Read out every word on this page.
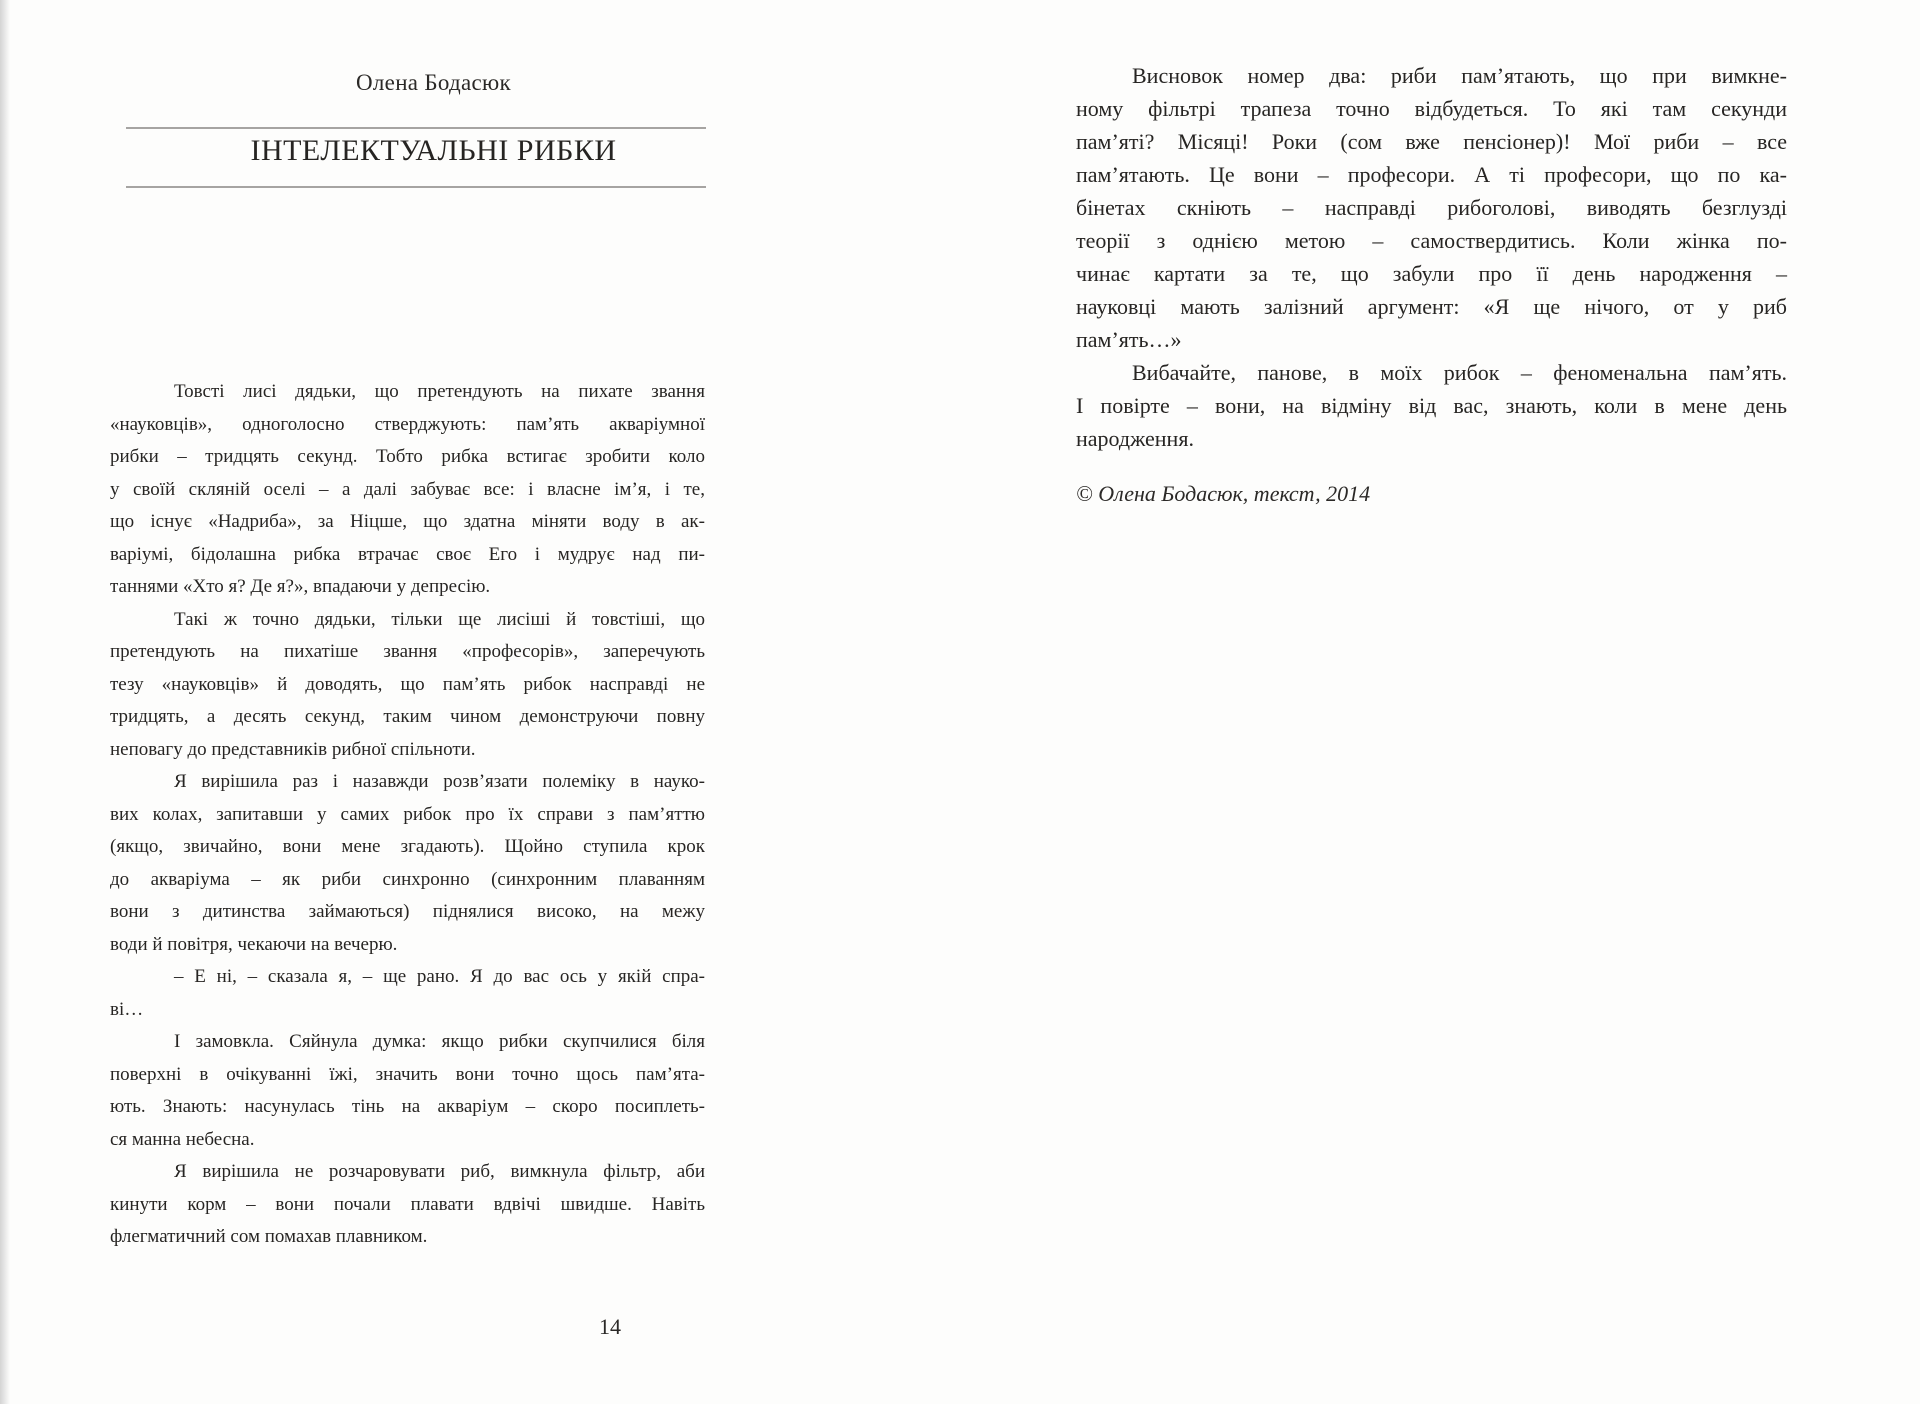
Олена Бодасюк
ІНТЕЛЕКТУАЛЬНІ РИБКИ
Товсті лисі дядьки, що претендують на пихате звання
«науковців», одноголосно стверджують: пам’ять акваріумної
рибки – тридцять секунд. Тобто рибка встигає зробити коло
у своїй скляній оселі – а далі забуває все: і власне ім’я, і те,
що існує «Надриба», за Ніцше, що здатна міняти воду в ак-
варіумі, бідолашна рибка втрачає своє Его і мудрує над пи-
таннями «Хто я? Де я?», впадаючи у депресію.
Такі ж точно дядьки, тільки ще лисіші й товстіші, що
претендують на пихатіше звання «професорів», заперечують
тезу «науковців» й доводять, що пам’ять рибок насправді не
тридцять, а десять секунд, таким чином демонструючи повну
неповагу до представників рибної спільноти.
Я вирішила раз і назавжди розв’язати полеміку в науко-
вих колах, запитавши у самих рибок про їх справи з пам’яттю
(якщо, звичайно, вони мене згадають). Щойно ступила крок
до акваріума – як риби синхронно (синхронним плаванням
вони з дитинства займаються) піднялися високо, на межу
води й повітря, чекаючи на вечерю.
– Е ні, – сказала я, – ще рано. Я до вас ось у якій спра-
ві…
І замовкла. Сяйнула думка: якщо рибки скупчилися біля
поверхні в очікуванні їжі, значить вони точно щось пам’ята-
ють. Знають: насунулась тінь на акваріум – скоро посиплеть-
ся манна небесна.
Я вирішила не розчаровувати риб, вимкнула фільтр, аби
кинути корм – вони почали плавати вдвічі швидше. Навіть
флегматичний сом помахав плавником.
14
Висновок номер два: риби пам’ятають, що при вимкне-
ному фільтрі трапеза точно відбудеться. То які там секунди
пам’яті? Місяці! Роки (сом вже пенсіонер)! Мої риби – все
пам’ятають. Це вони – професори. А ті професори, що по ка-
бінетах скніють – насправді рибоголові, виводять безглузді
теорії з однією метою – самоствердитись. Коли жінка по-
чинає картати за те, що забули про її день народження –
науковці мають залізний аргумент: «Я ще нічого, от у риб
пам’ять…»
Вибачайте, панове, в моїх рибок – феноменальна пам’ять.
І повірте – вони, на відміну від вас, знають, коли в мене день
народження.
© Олена Бодасюк, текст, 2014
